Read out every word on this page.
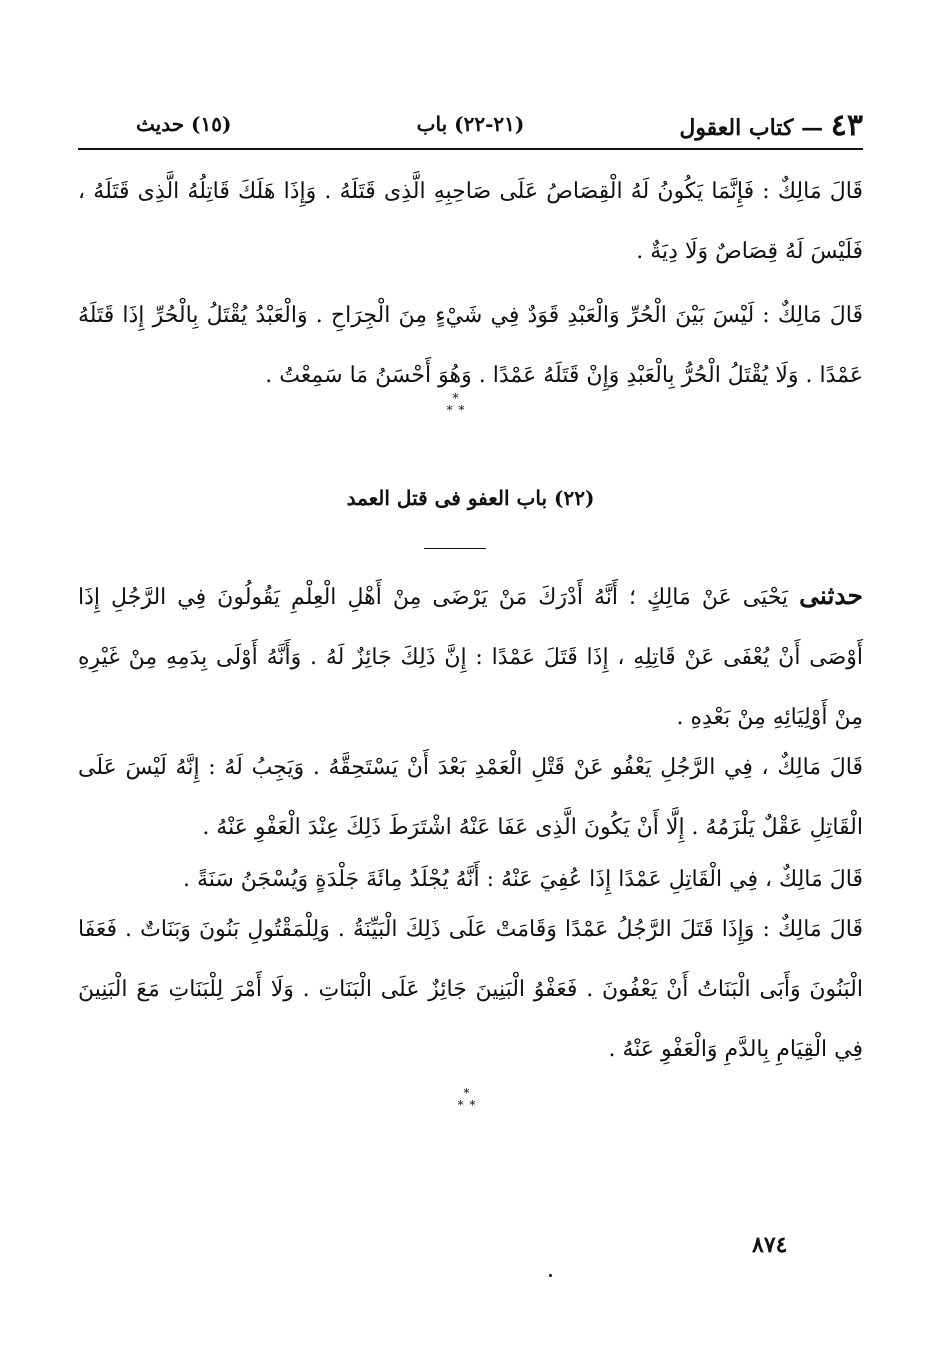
٤٣ — كتاب العقول
(٢١-٢٢) باب
(١٥) حديث

قَالَ مَالِكٌ : فَإِنَّمَا يَكُونُ لَهُ الْقِصَاصُ عَلَى صَاحِبِهِ الَّذِى قَتَلَهُ . وَإِذَا هَلَكَ قَاتِلُهُ الَّذِى قَتَلَهُ ، فَلَيْسَ لَهُ قِصَاصٌ وَلَا دِيَةٌ .

قَالَ مَالِكٌ : لَيْسَ بَيْنَ الْحُرِّ وَالْعَبْدِ قَوَدٌ فِي شَيْءٍ مِنَ الْجِرَاحِ . وَالْعَبْدُ يُقْتَلُ بِالْحُرِّ إِذَا قَتَلَهُ عَمْدًا . وَلَا يُقْتَلُ الْحُرُّ بِالْعَبْدِ وَإِنْ قَتَلَهُ عَمْدًا . وَهُوَ أَحْسَنُ مَا سَمِعْتُ .

*
* *
(٢٢) باب العفو فى قتل العمد

حدثنى يَحْيَى عَنْ مَالِكٍ ؛ أَنَّهُ أَدْرَكَ مَنْ يَرْضَى مِنْ أَهْلِ الْعِلْمِ يَقُولُونَ فِي الرَّجُلِ إِذَا أَوْصَى أَنْ يُعْفَى عَنْ قَاتِلِهِ ، إِذَا قَتَلَ عَمْدًا : إِنَّ ذَلِكَ جَائِزٌ لَهُ . وَأَنَّهُ أَوْلَى بِدَمِهِ مِنْ غَيْرِهِ مِنْ أَوْلِيَائِهِ مِنْ بَعْدِهِ .

قَالَ مَالِكٌ ، فِي الرَّجُلِ يَعْفُو عَنْ قَتْلِ الْعَمْدِ بَعْدَ أَنْ يَسْتَحِقَّهُ . وَيَجِبُ لَهُ : إِنَّهُ لَيْسَ عَلَى الْقَاتِلِ عَقْلٌ يَلْزَمُهُ . إِلَّا أَنْ يَكُونَ الَّذِى عَفَا عَنْهُ اشْتَرَطَ ذَلِكَ عِنْدَ الْعَفْوِ عَنْهُ .

قَالَ مَالِكٌ ، فِي الْقَاتِلِ عَمْدًا إِذَا عُفِيَ عَنْهُ : أَنَّهُ يُجْلَدُ مِائَةَ جَلْدَةٍ وَيُسْجَنُ سَنَةً .

قَالَ مَالِكٌ : وَإِذَا قَتَلَ الرَّجُلُ عَمْدًا وَقَامَتْ عَلَى ذَلِكَ الْبَيِّنَةُ . وَلِلْمَقْتُولِ بَنُونَ وَبَنَاتٌ . فَعَفَا الْبَنُونَ وَأَبَى الْبَنَاتُ أَنْ يَعْفُونَ . فَعَفْوُ الْبَنِينَ جَائِزٌ عَلَى الْبَنَاتِ . وَلَا أَمْرَ لِلْبَنَاتِ مَعَ الْبَنِينَ فِي الْقِيَامِ بِالدَّمِ وَالْعَفْوِ عَنْهُ .

*
* *
٨٧٤
